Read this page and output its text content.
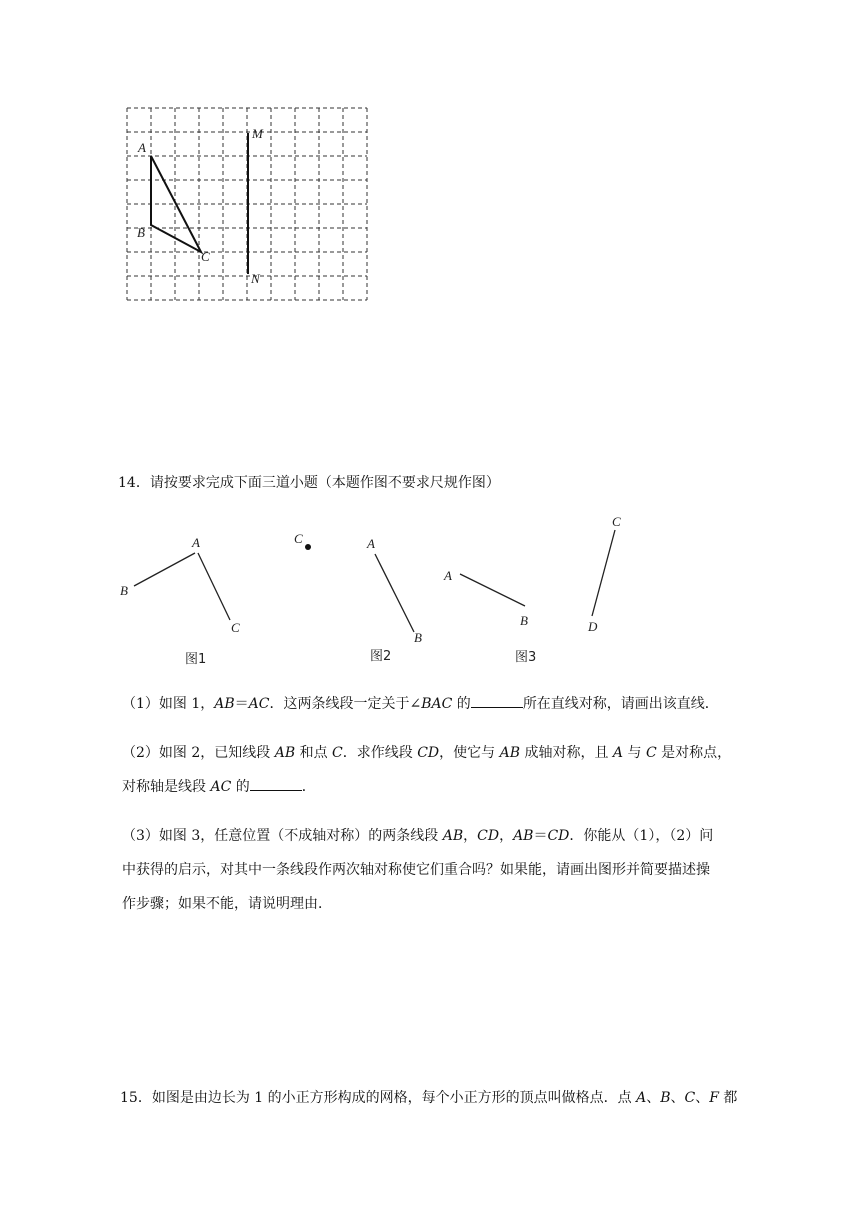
A
B
C
M
N
14．请按要求完成下面三道小题（本题作图不要求尺规作图）
A
B
C
图1
C	A
B
图2
A
B
C
D
图3
（1）如图 1，AB＝AC．这两条线段一定关于∠BAC 的	所在直线对称，请画出该直线．
（2）如图 2，已知线段 AB 和点 C．求作线段 CD，使它与 AB 成轴对称，且 A 与 C 是对称点，
对称轴是线段 AC 的	．
（3）如图 3，任意位置（不成轴对称）的两条线段 AB，CD，AB＝CD．你能从（1），（2）问
中获得的启示，对其中一条线段作两次轴对称使它们重合吗？如果能，请画出图形并简要描述操
作步骤；如果不能，请说明理由．
15．如图是由边长为 1 的小正方形构成的网格，每个小正方形的顶点叫做格点．点 A、B、C、F 都
